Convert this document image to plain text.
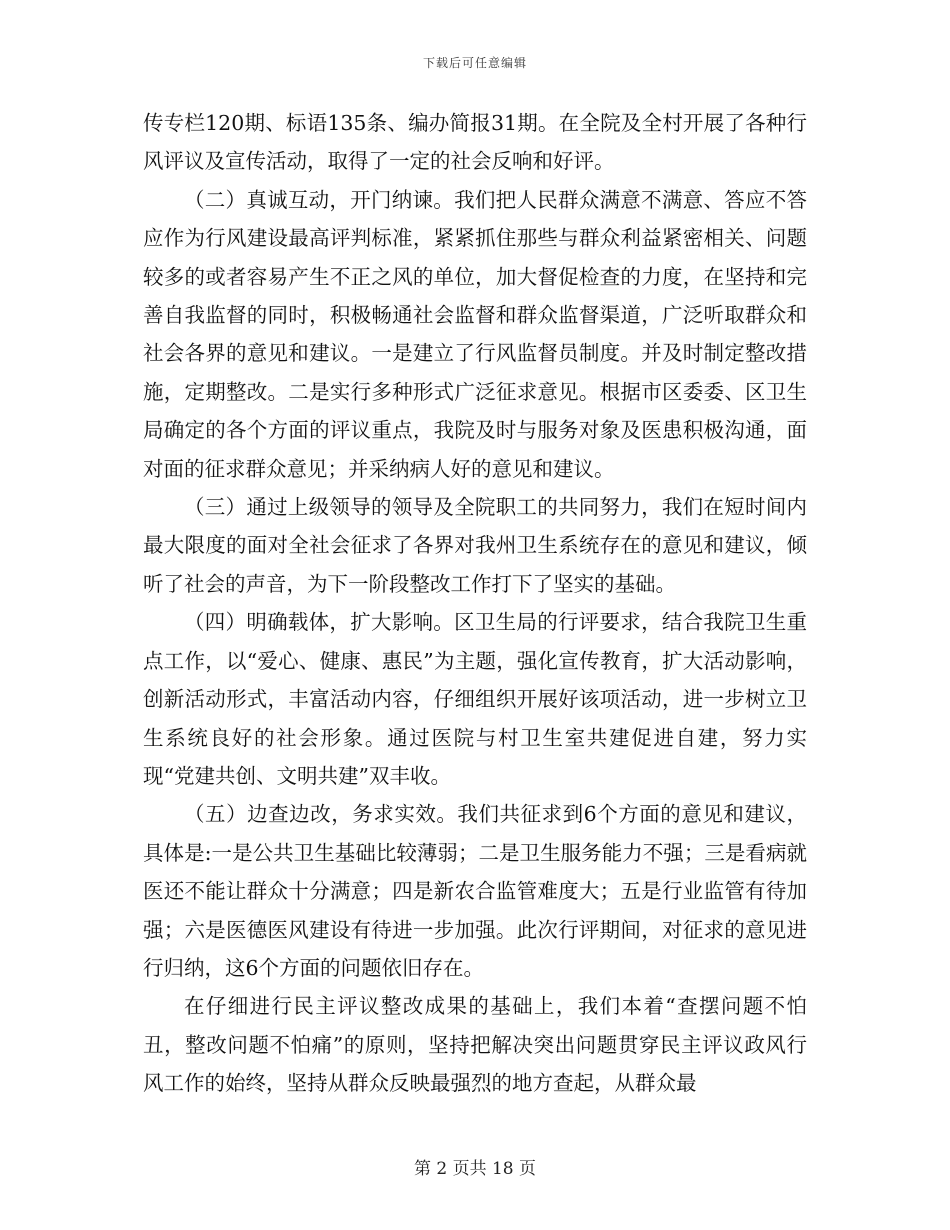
下载后可任意编辑

传专栏120期、标语135条、编办简报31期。在全院及全村开展了各种行风评议及宣传活动，取得了一定的社会反响和好评。

（二）真诚互动，开门纳谏。我们把人民群众满意不满意、答应不答应作为行风建设最高评判标准，紧紧抓住那些与群众利益紧密相关、问题较多的或者容易产生不正之风的单位，加大督促检查的力度，在坚持和完善自我监督的同时，积极畅通社会监督和群众监督渠道，广泛听取群众和社会各界的意见和建议。一是建立了行风监督员制度。并及时制定整改措施，定期整改。二是实行多种形式广泛征求意见。根据市区委委、区卫生局确定的各个方面的评议重点，我院及时与服务对象及医患积极沟通，面对面的征求群众意见；并采纳病人好的意见和建议。

（三）通过上级领导的领导及全院职工的共同努力，我们在短时间内最大限度的面对全社会征求了各界对我州卫生系统存在的意见和建议，倾听了社会的声音，为下一阶段整改工作打下了坚实的基础。

（四）明确载体，扩大影响。区卫生局的行评要求，结合我院卫生重点工作，以“爱心、健康、惠民”为主题，强化宣传教育，扩大活动影响，创新活动形式，丰富活动内容，仔细组织开展好该项活动，进一步树立卫生系统良好的社会形象。通过医院与村卫生室共建促进自建，努力实现“党建共创、文明共建”双丰收。

（五）边查边改，务求实效。我们共征求到6个方面的意见和建议，具体是:一是公共卫生基础比较薄弱；二是卫生服务能力不强；三是看病就医还不能让群众十分满意；四是新农合监管难度大；五是行业监管有待加强；六是医德医风建设有待进一步加强。此次行评期间，对征求的意见进行归纳，这6个方面的问题依旧存在。

在仔细进行民主评议整改成果的基础上，我们本着“查摆问题不怕丑，整改问题不怕痛”的原则，坚持把解决突出问题贯穿民主评议政风行风工作的始终，坚持从群众反映最强烈的地方查起，从群众最

第 2 页共 18 页
